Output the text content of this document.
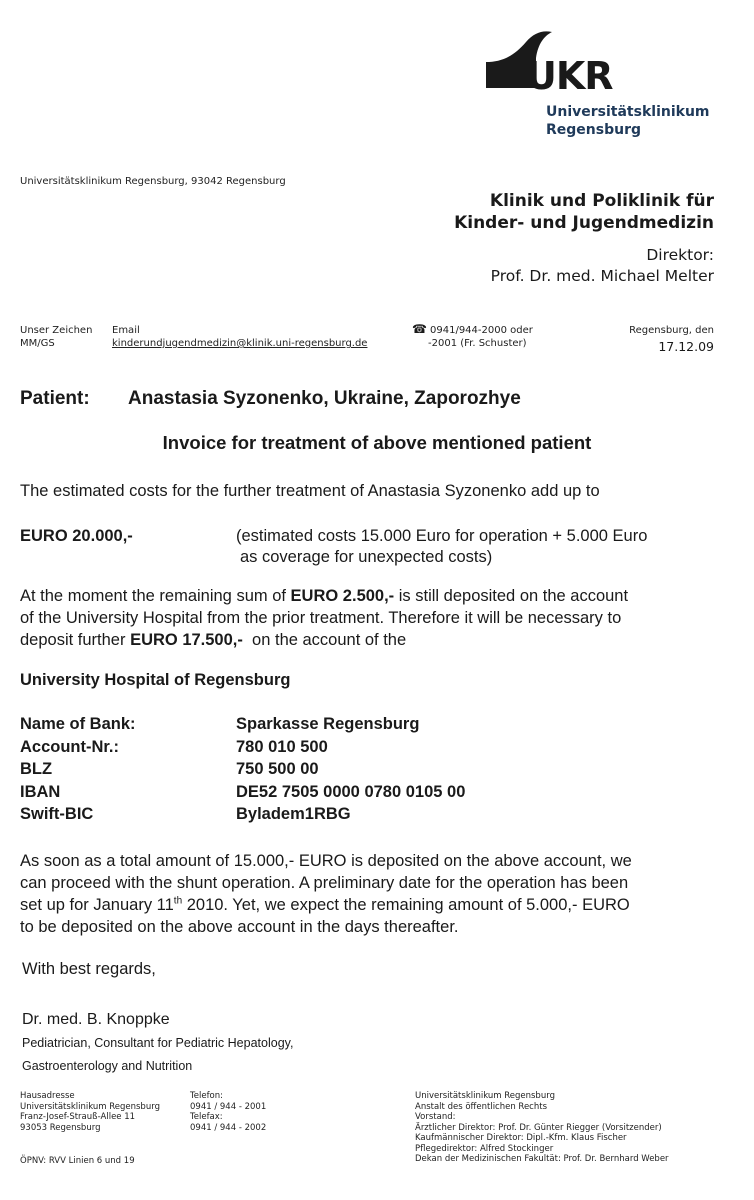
UKR
Universitätsklinikum
Regensburg
Universitätsklinikum Regensburg, 93042 Regensburg
Klinik und Poliklinik für
Kinder- und Jugendmedizin
Direktor:
Prof. Dr. med. Michael Melter
Unser Zeichen
MM/GS
Email
kinderundjugendmedizin@klinik.uni-regensburg.de
☎ 0941/944-2000 oder
-2001 (Fr. Schuster)
Regensburg, den
17.12.09
Patient: Anastasia Syzonenko, Ukraine, Zaporozhye
Invoice for treatment of above mentioned patient
The estimated costs for the further treatment of Anastasia Syzonenko add up to
EURO 20.000,-	(estimated costs 15.000 Euro for operation + 5.000 Euro
as coverage for unexpected costs)
At the moment the remaining sum of EURO 2.500,- is still deposited on the account
of the University Hospital from the prior treatment. Therefore it will be necessary to
deposit further EURO 17.500,-  on the account of the
University Hospital of Regensburg
Name of Bank:	Sparkasse Regensburg
Account-Nr.:	780 010 500
BLZ	750 500 00
IBAN	DE52 7505 0000 0780 0105 00
Swift-BIC	Byladem1RBG
As soon as a total amount of 15.000,- EURO is deposited on the above account, we
can proceed with the shunt operation. A preliminary date for the operation has been
set up for January 11th 2010. Yet, we expect the remaining amount of 5.000,- EURO
to be deposited on the above account in the days thereafter.
With best regards,
Dr. med. B. Knoppke
Pediatrician, Consultant for Pediatric Hepatology,
Gastroenterology and Nutrition
Hausadresse
Universitätsklinikum Regensburg
Franz-Josef-Strauß-Allee 11
93053 Regensburg
Telefon:
0941 / 944 - 2001
Telefax:
0941 / 944 - 2002
ÖPNV: RVV Linien 6 und 19
Universitätsklinikum Regensburg
Anstalt des öffentlichen Rechts
Vorstand:
Ärztlicher Direktor: Prof. Dr. Günter Riegger (Vorsitzender)
Kaufmännischer Direktor: Dipl.-Kfm. Klaus Fischer
Pflegedirektor: Alfred Stockinger
Dekan der Medizinischen Fakultät: Prof. Dr. Bernhard Weber
